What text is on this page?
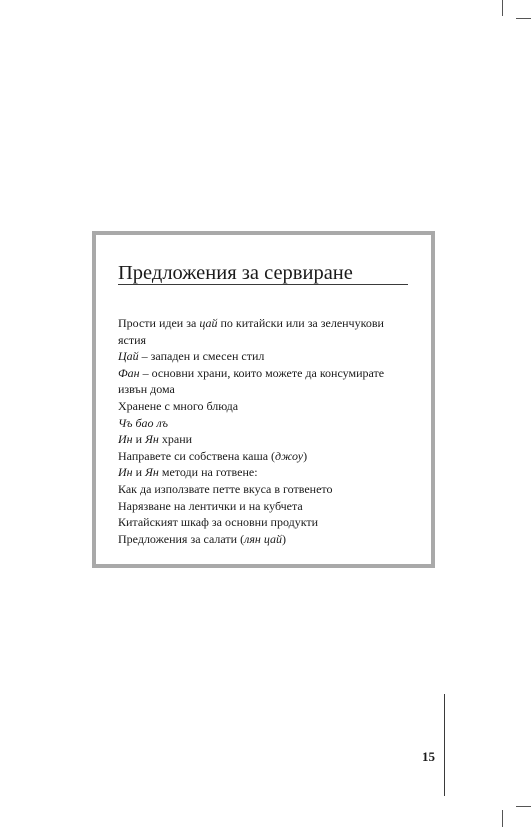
Предложения за сервиране
Прости идеи за цай по китайски или за зеленчукови ястия
Цай – западен и смесен стил
Фан – основни храни, които можете да консумирате извън дома
Хранене с много блюда
Чъ бао лъ
Ин и Ян храни
Направете си собствена каша (джоу)
Ин и Ян методи на готвене:
Как да използвате петте вкуса в готвенето
Нарязване на лентички и на кубчета
Китайският шкаф за основни продукти
Предложения за салати (лян цай)
15
